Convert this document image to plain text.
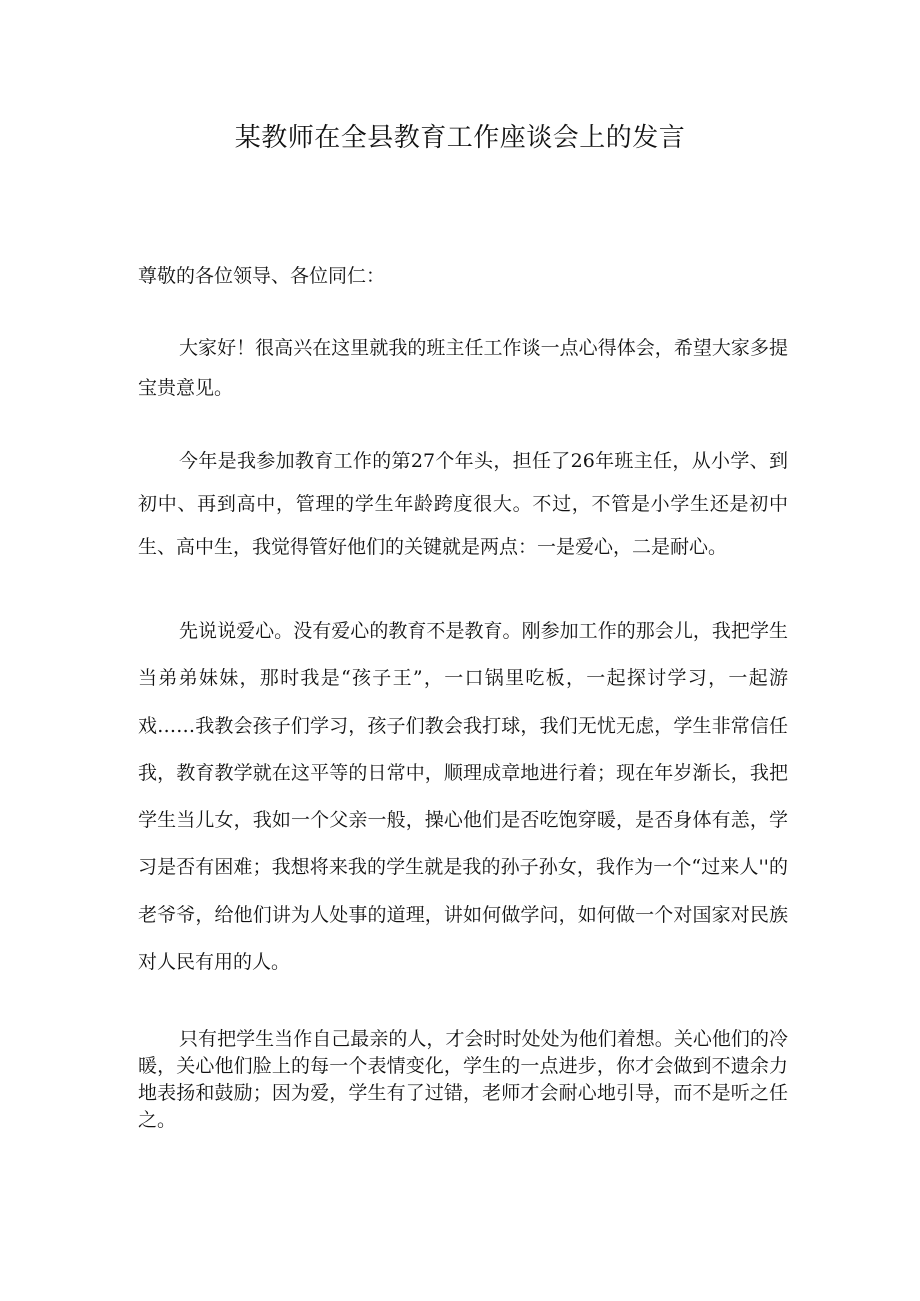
某教师在全县教育工作座谈会上的发言

尊敬的各位领导、各位同仁：

大家好！很高兴在这里就我的班主任工作谈一点心得体会，希望大家多提宝贵意见。

今年是我参加教育工作的第27个年头，担任了26年班主任，从小学、到初中、再到高中，管理的学生年龄跨度很大。不过，不管是小学生还是初中生、高中生，我觉得管好他们的关键就是两点：一是爱心，二是耐心。

先说说爱心。没有爱心的教育不是教育。刚参加工作的那会儿，我把学生当弟弟妹妹，那时我是“孩子王”，一口锅里吃板，一起探讨学习，一起游戏……我教会孩子们学习，孩子们教会我打球，我们无忧无虑，学生非常信任我，教育教学就在这平等的日常中，顺理成章地进行着；现在年岁渐长，我把学生当儿女，我如一个父亲一般，操心他们是否吃饱穿暖，是否身体有恙，学习是否有困难；我想将来我的学生就是我的孙子孙女，我作为一个“过来人''的老爷爷，给他们讲为人处事的道理，讲如何做学问，如何做一个对国家对民族对人民有用的人。

只有把学生当作自己最亲的人，才会时时处处为他们着想。关心他们的冷暖，关心他们脸上的每一个表情变化，学生的一点进步，你才会做到不遗余力地表扬和鼓励；因为爱，学生有了过错，老师才会耐心地引导，而不是听之任之。
